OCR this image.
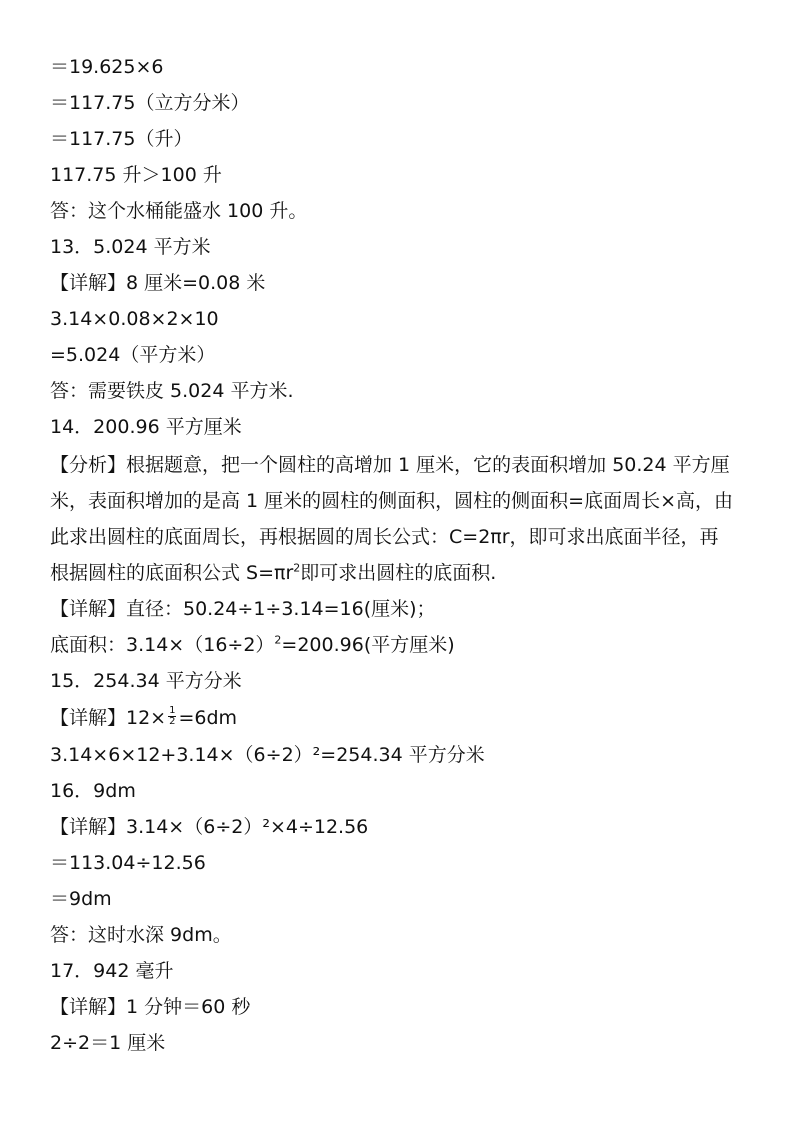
＝19.625×6
＝117.75（立方分米）
＝117.75（升）
117.75 升＞100 升
答：这个水桶能盛水 100 升。
13．5.024 平方米
【详解】8 厘米=0.08 米
3.14×0.08×2×10
=5.024（平方米）
答：需要铁皮 5.024 平方米.
14．200.96 平方厘米
【分析】根据题意，把一个圆柱的高增加 1 厘米，它的表面积增加 50.24 平方厘
米，表面积增加的是高 1 厘米的圆柱的侧面积，圆柱的侧面积=底面周长×高，由
此求出圆柱的底面周长，再根据圆的周长公式：C=2πr，即可求出底面半径，再
根据圆柱的底面积公式 $S=\pi r^2$即可求出圆柱的底面积.
【详解】直径：50.24÷1÷3.14=16(厘米)；
底面积：$3.14\times(16\div 2)^2=200.96$(平方厘米)
15．254.34 平方分米
【详解】$12\times \frac{1}{2} =6dm$
3.14×6×12+3.14×（6÷2）²=254.34 平方分米
16．9dm
【详解】3.14×（6÷2）²×4÷12.56
＝113.04÷12.56
＝9dm
答：这时水深 9dm。
17．942 毫升
【详解】1 分钟＝60 秒
2÷2＝1 厘米
